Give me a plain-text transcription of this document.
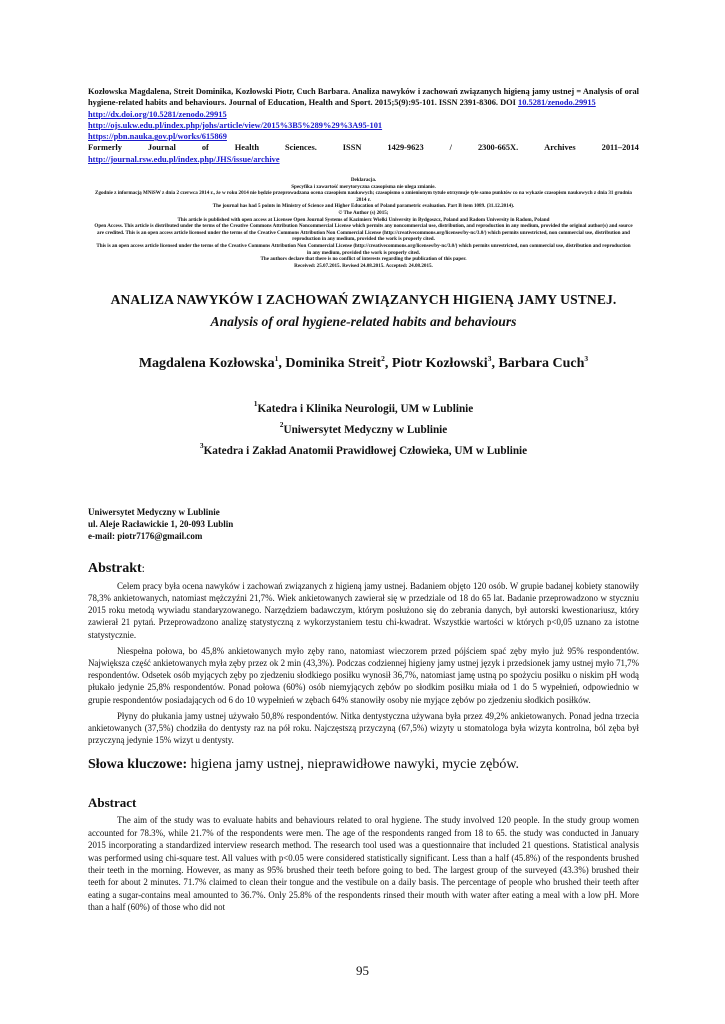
Kozłowska Magdalena, Streit Dominika, Kozłowski Piotr, Cuch Barbara. Analiza nawyków i zachowań związanych higieną jamy ustnej = Analysis of oral hygiene-related habits and behaviours. Journal of Education, Health and Sport. 2015;5(9):95-101. ISSN 2391-8306. DOI 10.5281/zenodo.29915
http://dx.doi.org/10.5281/zenodo.29915
http://ojs.ukw.edu.pl/index.php/johs/article/view/2015%3B5%289%29%3A95-101
https://pbn.nauka.gov.pl/works/615869
Formerly	Journal	of	Health	Sciences.	ISSN	1429-9623	/	2300-665X.	Archives	2011–2014
http://journal.rsw.edu.pl/index.php/JHS/issue/archive
Deklaracja.
Specyfika i zawartość merytoryczna czasopisma nie ulega zmianie.
Zgodnie z informacją MNiSW z dnia 2 czerwca 2014 r., że w roku 2014 nie będzie przeprowadzana ocena czasopism naukowych; czasopismo o zmienionym tytule otrzymuje tyle samo punktów co na wykazie czasopism naukowych z dnia 31 grudnia 2014 r.
The journal has had 5 points in Ministry of Science and Higher Education of Poland parametric evaluation. Part B item 1089. (31.12.2014).
© The Author (s) 2015;
This article is published with open access at Licensee Open Journal Systems of Kazimierz Wielki University in Bydgoszcz, Poland and Radom University in Radom, Poland
Open Access. This article is distributed under the terms of the Creative Commons Attribution Noncommercial License which permits any noncommercial use, distribution, and reproduction in any medium, provided the original author(s) and source are credited. This is an open access article licensed under the terms of the Creative Commons Attribution Non Commercial License (http://creativecommons.org/licenses/by-nc/3.0/) which permits unrestricted, non commercial use, distribution and reproduction in any medium, provided the work is properly cited.
This is an open access article licensed under the terms of the Creative Commons Attribution Non Commercial License (http://creativecommons.org/licenses/by-nc/3.0/) which permits unrestricted, non commercial use, distribution and reproduction in any medium, provided the work is properly cited.
The authors declare that there is no conflict of interests regarding the publication of this paper.
Received: 25.07.2015. Revised 24.08.2015. Accepted: 24.08.2015.
ANALIZA NAWYKÓW I ZACHOWAŃ ZWIĄZANYCH HIGIENĄ JAMY USTNEJ.
Analysis of oral hygiene-related habits and behaviours
Magdalena Kozłowska$^1$, Dominika Streit$^2$, Piotr Kozłowski$^3$, Barbara Cuch$^3$
$^1$Katedra i Klinika Neurologii, UM w Lublinie
$^2$Uniwersytet Medyczny w Lublinie
$^3$Katedra i Zakład Anatomii Prawidłowej Człowieka, UM w Lublinie
Uniwersytet Medyczny w Lublinie
ul. Aleje Racławickie 1, 20-093 Lublin
e-mail: piotr7176@gmail.com
Abstrakt:

Celem pracy była ocena nawyków i zachowań związanych z higieną jamy ustnej. Badaniem objęto 120 osób. W grupie badanej kobiety stanowiły 78,3% ankietowanych, natomiast mężczyźni 21,7%. Wiek ankietowanych zawierał się w przedziale od 18 do 65 lat. Badanie przeprowadzono w styczniu 2015 roku metodą wywiadu standaryzowanego. Narzędziem badawczym, którym posłużono się do zebrania danych, był autorski kwestionariusz, który zawierał 21 pytań. Przeprowadzono analizę statystyczną z wykorzystaniem testu chi-kwadrat. Wszystkie wartości w których p<0,05 uznano za istotne statystycznie.

Niespełna połowa, bo 45,8% ankietowanych myło zęby rano, natomiast wieczorem przed pójściem spać zęby myło już 95% respondentów. Największa część ankietowanych myła zęby przez ok 2 min (43,3%). Podczas codziennej higieny jamy ustnej język i przedsionek jamy ustnej myło 71,7% respondentów. Odsetek osób myjących zęby po zjedzeniu słodkiego posiłku wynosił 36,7%, natomiast jamę ustną po spożyciu posiłku o niskim pH wodą płukało jedynie 25,8% respondentów. Ponad połowa (60%) osób niemyjących zębów po słodkim posiłku miała od 1 do 5 wypełnień, odpowiednio w grupie respondentów posiadających od 6 do 10 wypełnień w zębach 64% stanowiły osoby nie myjące zębów po zjedzeniu słodkich posiłków.

Płyny do płukania jamy ustnej używało 50,8% respondentów. Nitka dentystyczna używana była przez 49,2% ankietowanych. Ponad jedna trzecia ankietowanych (37,5%) chodziła do dentysty raz na pół roku. Najczęstszą przyczyną (67,5%) wizyty u stomatologa była wizyta kontrolna, ból zęba był przyczyną jedynie 15% wizyt u dentysty.

Słowa kluczowe: higiena jamy ustnej, nieprawidłowe nawyki, mycie zębów.
Abstract

The aim of the study was to evaluate habits and behaviours related to oral hygiene. The study involved 120 people. In the study group women accounted for 78.3%, while 21.7% of the respondents were men. The age of the respondents ranged from 18 to 65. the study was conducted in January 2015 incorporating a standardized interview research method. The research tool used was a questionnaire that included 21 questions. Statistical analysis was performed using chi-square test. All values with p<0.05 were considered statistically significant. Less than a half (45.8%) of the respondents brushed their teeth in the morning. However, as many as 95% brushed their teeth before going to bed. The largest group of the surveyed (43.3%) brushed their teeth for about 2 minutes. 71.7% claimed to clean their tongue and the vestibule on a daily basis. The percentage of people who brushed their teeth after eating a sugar-contains meal amounted to 36.7%. Only 25.8% of the respondents rinsed their mouth with water after eating a meal with a low pH. More than a half (60%) of those who did not

95
